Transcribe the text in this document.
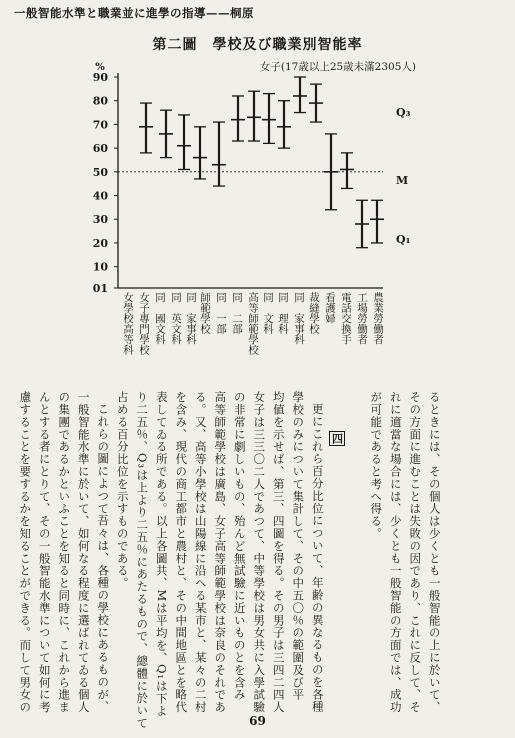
一般智能水準と職業並に進學の指導——桐原
第二圖　學校及び職業別智能率
女子(17歳以上25歳未滿2305人)
90
80
70
60
50
40
30
20
10
01
%
Q₃
M
Q₁
女學校高等科 女子專門學校 同　國文科 同　英文科 同　家事科 師範學校 同　一部 同　二部 高等師範學校 同　文科 同　理科 同　家事科 裁縫學校 看護婦 電話交換手 工場勞働者 農業勞働者
るときには、その個人は少くとも一般智能の上に於いて、
その方面に進むことは失敗の因であり、これに反して、そ
れに適當な場合には、少くとも一般智能の方面では、成功
が可能であると考へ得る。
四
更にこれら百分比位について、年齢の異なるものを各種
學校のみについて集計して、その中五〇％の範圍及び平
均値を示せば、第三、四圖を得る。その男子は三四二四人
女子は三三〇二人であつて、中等學校は男女共に入學試驗
の非常に劇しいもの、殆んど無試驗に近いものとを含み
高等師範學校は廣島、女子高等師範學校は奈良のそれであ
る。又、高等小學校は山陽線に沿へる某市と、某々の二村
を含み、現代の商工都市と農村と、その中間地區とを略代
表してゐる所である。以上各圖共、Mは平均を、Q₁は下よ
り二五％、Q₃は上より二五％にあたるもので、總體に於いて
占める百分比位を示すものである。
これらの圖によつて吾々は、各種の學校にあるものが、
一般智能水準に於いて、如何なる程度に選ばれてゐる個人
の集團であるかといふことを知ると同時に、これから進ま
んとする者にとりて、その一般智能水準について如何に考
慮することを要するかを知ることができる。而して男女の
69
